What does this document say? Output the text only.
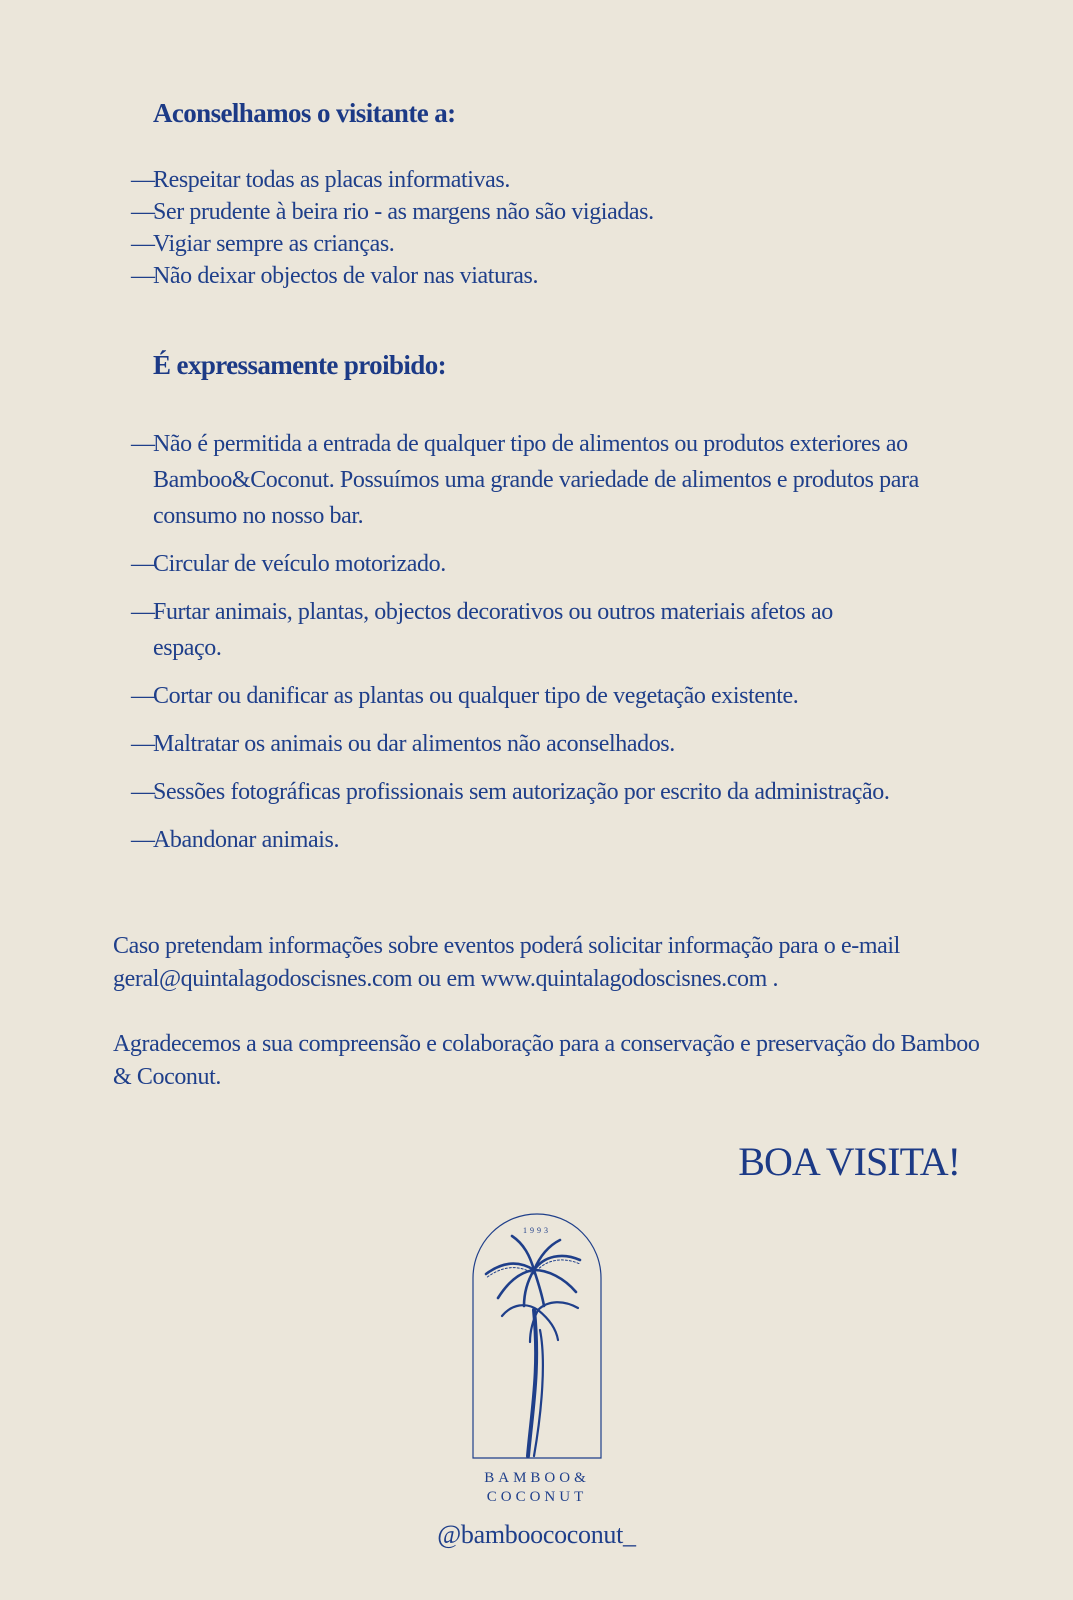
Aconselhamos o visitante a:
—
Respeitar todas as placas informativas.
—
Ser prudente à beira rio - as margens não são vigiadas.
—
Vigiar sempre as crianças.
—
Não deixar objectos de valor nas viaturas.
É expressamente proibido:
—
Não é permitida a entrada de qualquer tipo de alimentos ou produtos exteriores ao Bamboo&Coconut. Possuímos uma grande variedade de alimentos e produtos para consumo no nosso bar.
—
Circular de veículo motorizado.
—
Furtar animais, plantas, objectos decorativos ou outros materiais afetos ao espaço.
—
Cortar ou danificar as plantas ou qualquer tipo de vegetação existente.
—
Maltratar os animais ou dar alimentos não aconselhados.
—
Sessões fotográficas profissionais sem autorização por escrito da administração.
—
Abandonar animais.

Caso pretendam informações sobre eventos poderá solicitar informação para o e-mail geral@quintalagodoscisnes.com ou em www.quintalagodoscisnes.com .

Agradecemos a sua compreensão e colaboração para a conservação e preservação do Bamboo & Coconut.

BOA VISITA!

1993
BAMBOO&
COCONUT

@bamboococonut_
